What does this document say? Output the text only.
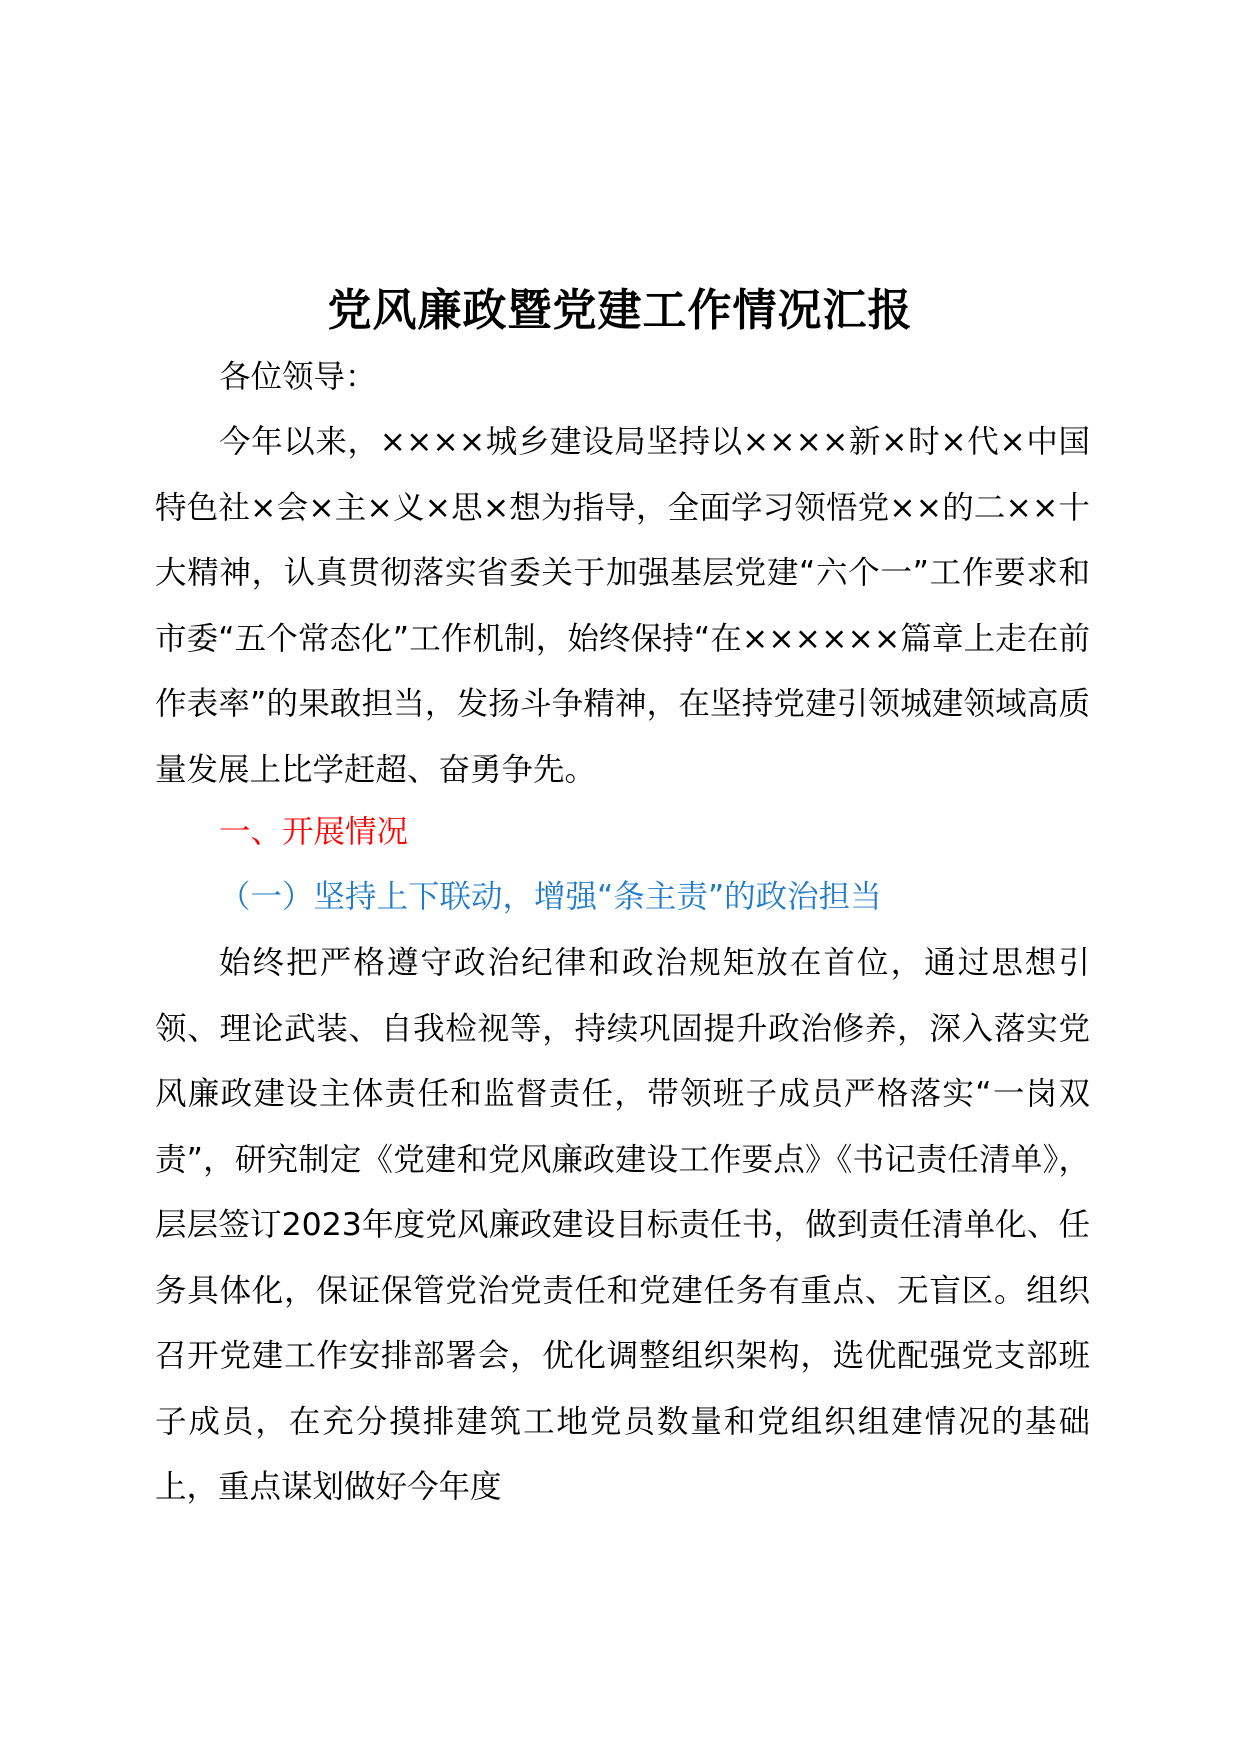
党风廉政暨党建工作情况汇报
各位领导：

今年以来，××××城乡建设局坚持以××××新×时×代×中国特色社×会×主×义×思×想为指导，全面学习领悟党××的二××十大精神，认真贯彻落实省委关于加强基层党建“六个一”工作要求和市委“五个常态化”工作机制，始终保持“在××××××篇章上走在前作表率”的果敢担当，发扬斗争精神，在坚持党建引领城建领域高质量发展上比学赶超、奋勇争先。

一、开展情况
（一）坚持上下联动，增强“条主责”的政治担当

始终把严格遵守政治纪律和政治规矩放在首位，通过思想引领、理论武装、自我检视等，持续巩固提升政治修养，深入落实党风廉政建设主体责任和监督责任，带领班子成员严格落实“一岗双责”，研究制定《党建和党风廉政建设工作要点》《书记责任清单》，层层签订2023年度党风廉政建设目标责任书，做到责任清单化、任务具体化，保证保管党治党责任和党建任务有重点、无盲区。组织召开党建工作安排部署会，优化调整组织架构，选优配强党支部班子成员，在充分摸排建筑工地党员数量和党组织组建情况的基础上，重点谋划做好今年度
